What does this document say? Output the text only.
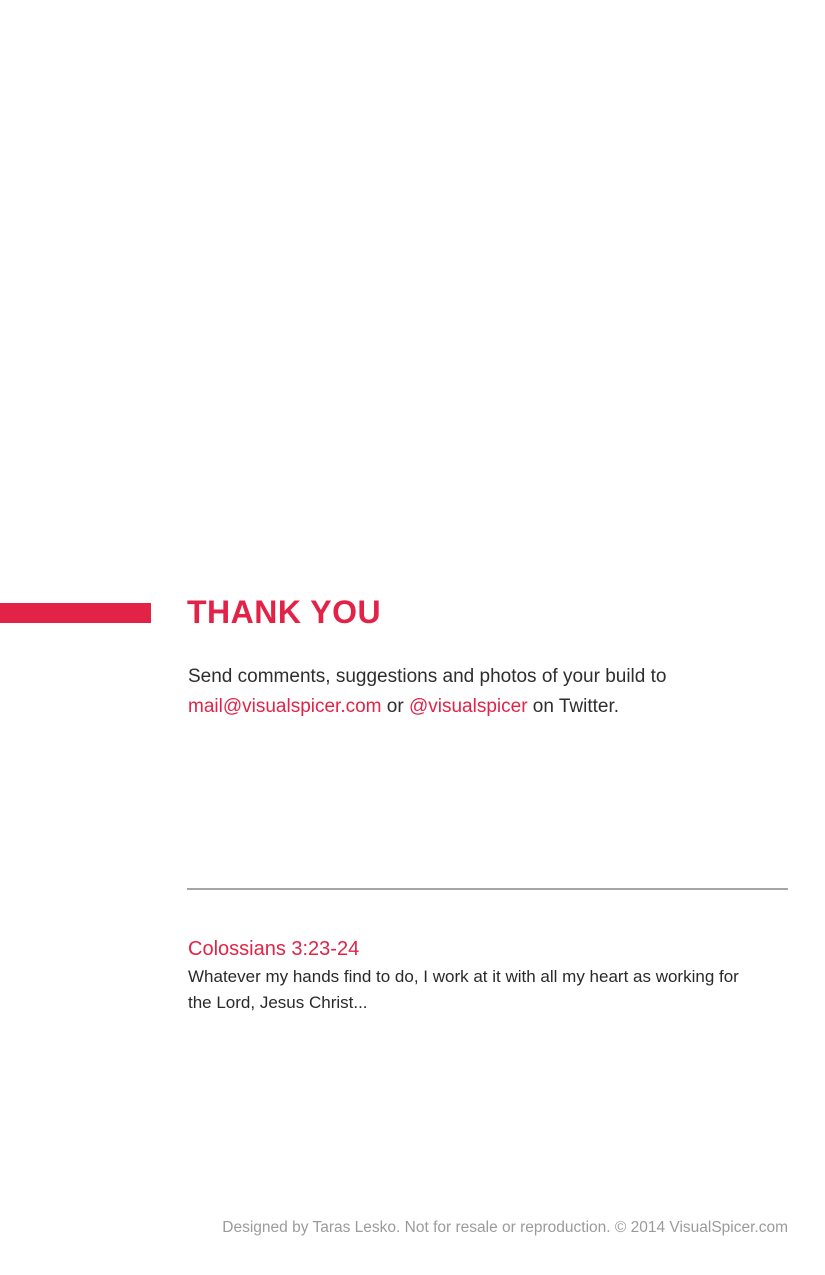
THANK YOU
Send comments, suggestions and photos of your build to
mail@visualspicer.com or @visualspicer on Twitter.
Colossians 3:23-24
Whatever my hands find to do, I work at it with all my heart as working for
the Lord, Jesus Christ...
Designed by Taras Lesko. Not for resale or reproduction. © 2014 VisualSpicer.com
